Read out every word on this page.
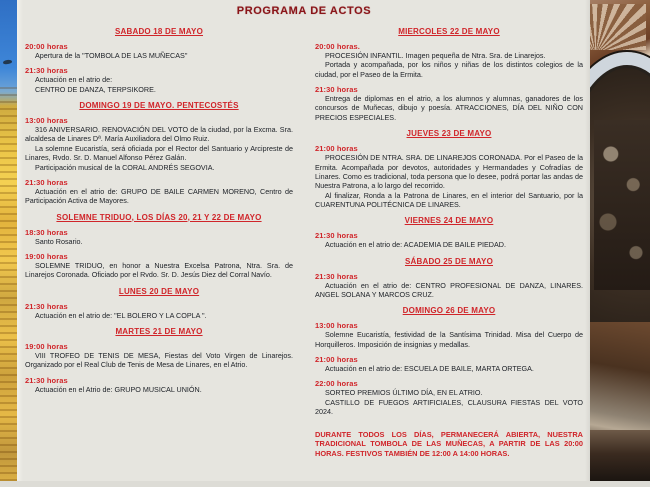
PROGRAMA DE ACTOS
SABADO 18 DE MAYO
20:00 horas
Apertura de la "TOMBOLA DE LAS MUÑECAS"
21:30 horas
Actuación en el atrio de:
CENTRO DE DANZA, TERPSIKORE.
DOMINGO 19 DE MAYO. PENTECOSTÉS
13:00 horas
316 ANIVERSARIO. RENOVACIÓN DEL VOTO de la ciudad, por la Excma. Sra. alcaldesa de Linares Dª. María Auxiliadora del Olmo Ruiz.
La solemne Eucaristía, será oficiada por el Rector del Santuario y Arcipreste de Linares, Rvdo. Sr. D. Manuel Alfonso Pérez Galán.
Participación musical de la CORAL ANDRÉS SEGOVIA.
21:30 horas
Actuación en el atrio de: GRUPO DE BAILE CARMEN MORENO, Centro de Participación Activa de Mayores.
SOLEMNE TRIDUO, LOS DÍAS 20, 21 Y 22 DE MAYO
18:30 horas
Santo Rosario.
19:00 horas
SOLEMNE TRIDUO, en honor a Nuestra Excelsa Patrona, Ntra. Sra. de Linarejos Coronada. Oficiado por el Rvdo. Sr. D. Jesús Diez del Corral Navío.
LUNES 20 DE MAYO
21:30 horas
Actuación en el atrio de: "EL BOLERO Y LA COPLA ".
MARTES 21 DE MAYO
19:00 horas
VIII TROFEO DE TENIS DE MESA, Fiestas del Voto Virgen de Linarejos. Organizado por el Real Club de Tenis de Mesa de Linares, en el Atrio.
21:30 horas
Actuación en el Atrio de: GRUPO MUSICAL UNIÓN.
MIERCOLES 22 DE MAYO
20:00 horas.
PROCESIÓN INFANTIL. Imagen pequeña de Ntra. Sra. de Linarejos.
Portada y acompañada, por los niños y niñas de los distintos colegios de la ciudad, por el Paseo de la Ermita.
21:30 horas
Entrega de diplomas en el atrio, a los alumnos y alumnas, ganadores de los concursos de Muñecas, dibujo y poesía. ATRACCIONES, DÍA DEL NIÑO CON PRECIOS ESPECIALES.
JUEVES 23 DE MAYO
21:00 horas
PROCESIÓN DE NTRA. SRA. DE LINAREJOS CORONADA. Por el Paseo de la Ermita. Acompañada por devotos, autoridades y Hermandades y Cofradías de Linares. Como es tradicional, toda persona que lo desee, podrá portar las andas de Nuestra Patrona, a lo largo del recorrido.
Al finalizar, Ronda a la Patrona de Linares, en el interior del Santuario, por la CUARENTUNA POLITÉCNICA DE LINARES.
VIERNES 24 DE MAYO
21:30 horas
Actuación en el atrio de: ACADEMIA DE BAILE PIEDAD.
SÁBADO 25 DE MAYO
21:30 horas
Actuación en el atrio de: CENTRO PROFESIONAL DE DANZA, LINARES. ANGEL SOLANA Y MARCOS CRUZ.
DOMINGO 26 DE MAYO
13:00 horas
Solemne Eucaristía, festividad de la Santísima Trinidad. Misa del Cuerpo de Horquilleros. Imposición de insignias y medallas.
21:00 horas
Actuación en el atrio de: ESCUELA DE BAILE, MARTA ORTEGA.
22:00 horas
SORTEO PREMIOS ÚLTIMO DÍA, EN EL ATRIO.
CASTILLO DE FUEGOS ARTIFICIALES, CLAUSURA FIESTAS DEL VOTO 2024.
DURANTE TODOS LOS DÍAS, PERMANECERÁ ABIERTA, NUESTRA TRADICIONAL TOMBOLA DE LAS MUÑECAS, A PARTIR DE LAS 20:00 HORAS. FESTIVOS TAMBIÉN DE 12:00 A 14:00 HORAS.
